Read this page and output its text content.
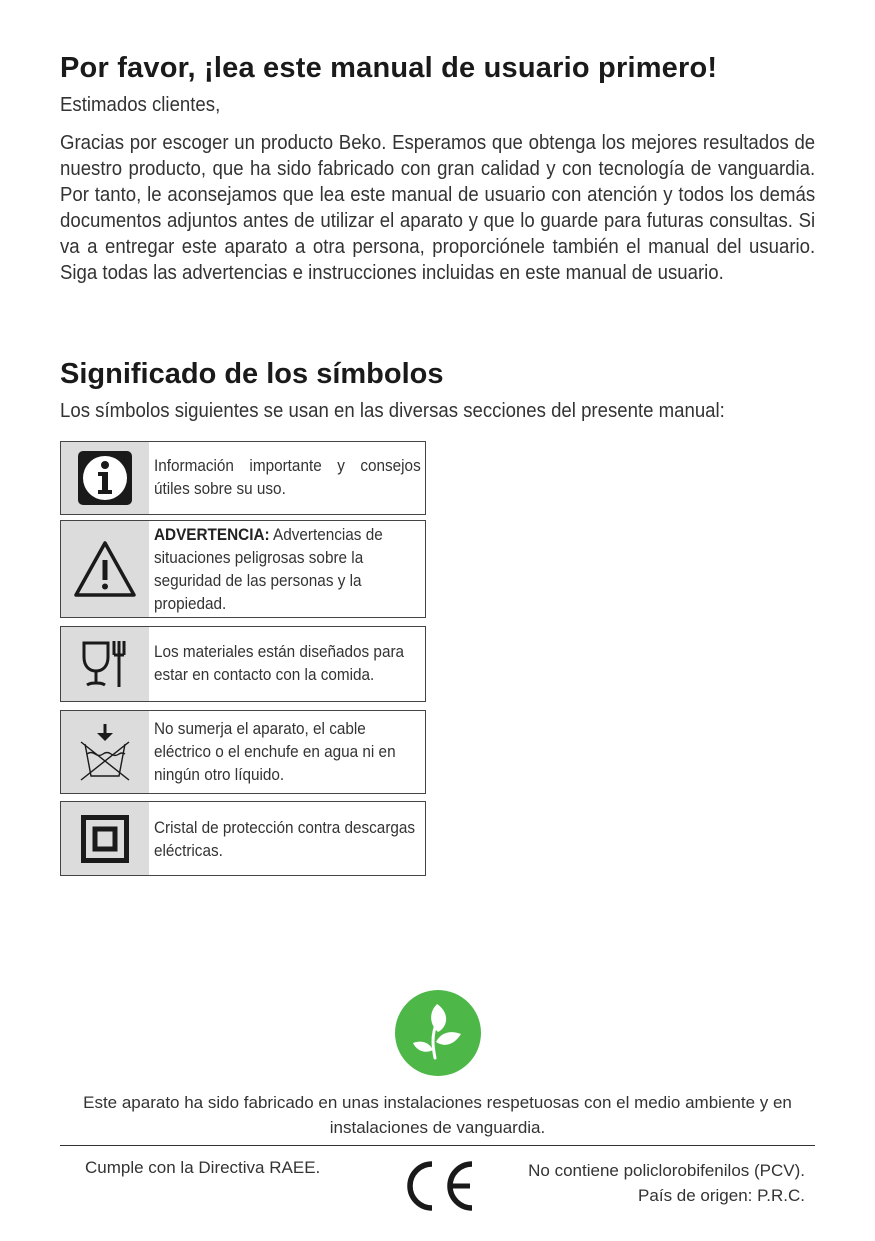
Por favor, ¡lea este manual de usuario primero!
Estimados clientes,

Gracias por escoger un producto Beko. Esperamos que obtenga los mejores resultados de nuestro producto, que ha sido fabricado con gran calidad y con tecnología de vanguardia. Por tanto, le aconsejamos que lea este manual de usuario con atención y todos los demás documentos adjuntos antes de utilizar el aparato y que lo guarde para futuras consultas. Si va a entregar este aparato a otra persona, proporciónele también el manual del usuario. Siga todas las advertencias e instrucciones incluidas en este manual de usuario.

Significado de los símbolos
Los símbolos siguientes se usan en las diversas secciones del presente manual:
Información importante y consejos útiles sobre su uso.
ADVERTENCIA: Advertencias de situaciones peligrosas sobre la seguridad de las personas y la propiedad.
Los materiales están diseñados para estar en contacto con la comida.
No sumerja el aparato, el cable eléctrico o el enchufe en agua ni en ningún otro líquido.
Cristal de protección contra descargas eléctricas.
Este aparato ha sido fabricado en unas instalaciones respetuosas con el medio ambiente y en
instalaciones de vanguardia.
Cumple con la Directiva RAEE.	No contiene policlorobifenilos (PCV).
País de origen: P.R.C.
